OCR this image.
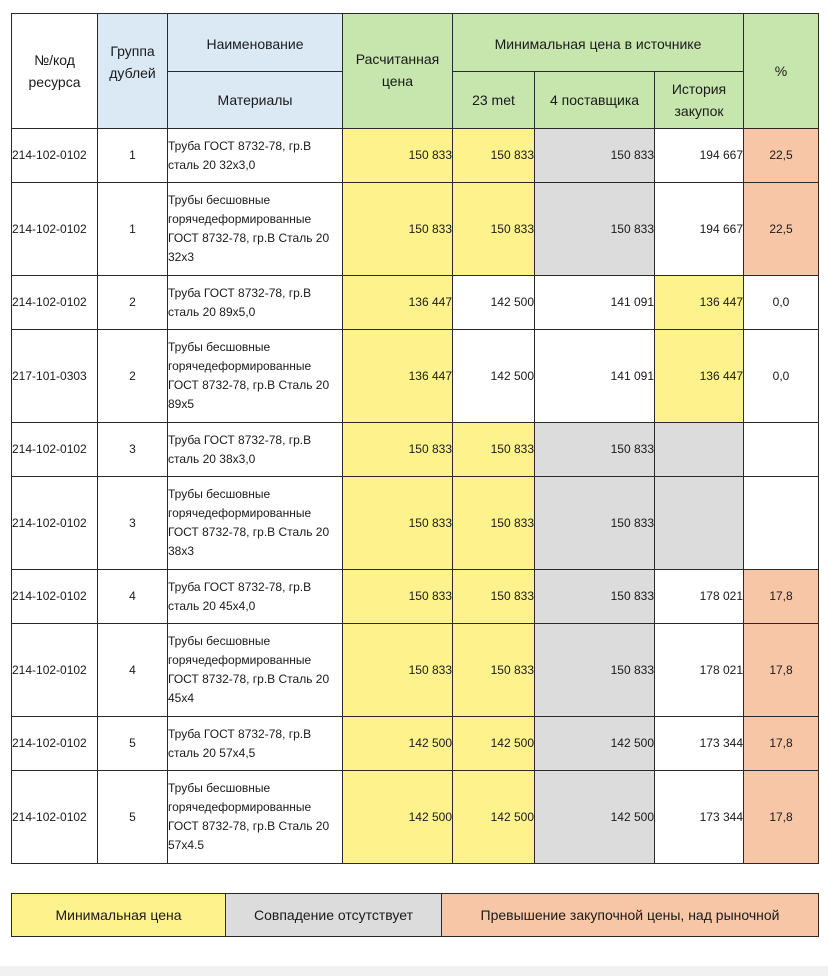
№/код ресурса	Группа дублей	Наименование	Расчитанная цена	Минимальная цена в источнике			%
		Материалы		23 met	4 поставщика	История закупок	
214-102-0102	1	Труба ГОСТ 8732-78, гр.В сталь 20 32х3,0	150 833	150 833	150 833	194 667	22,5
214-102-0102	1	Трубы бесшовные горячедеформированные ГОСТ 8732-78, гр.В Сталь 20 32х3	150 833	150 833	150 833	194 667	22,5
214-102-0102	2	Труба ГОСТ 8732-78, гр.В сталь 20 89х5,0	136 447	142 500	141 091	136 447	0,0
217-101-0303	2	Трубы бесшовные горячедеформированные ГОСТ 8732-78, гр.В Сталь 20 89х5	136 447	142 500	141 091	136 447	0,0
214-102-0102	3	Труба ГОСТ 8732-78, гр.В сталь 20 38х3,0	150 833	150 833	150 833		
214-102-0102	3	Трубы бесшовные горячедеформированные ГОСТ 8732-78, гр.В Сталь 20 38х3	150 833	150 833	150 833		
214-102-0102	4	Труба ГОСТ 8732-78, гр.В сталь 20 45х4,0	150 833	150 833	150 833	178 021	17,8
214-102-0102	4	Трубы бесшовные горячедеформированные ГОСТ 8732-78, гр.В Сталь 20 45х4	150 833	150 833	150 833	178 021	17,8
214-102-0102	5	Труба ГОСТ 8732-78, гр.В сталь 20 57х4,5	142 500	142 500	142 500	173 344	17,8
214-102-0102	5	Трубы бесшовные горячедеформированные ГОСТ 8732-78, гр.В Сталь 20 57х4.5	142 500	142 500	142 500	173 344	17,8
Минимальная цена	Совпадение отсутствует	Превышение закупочной цены, над рыночной
